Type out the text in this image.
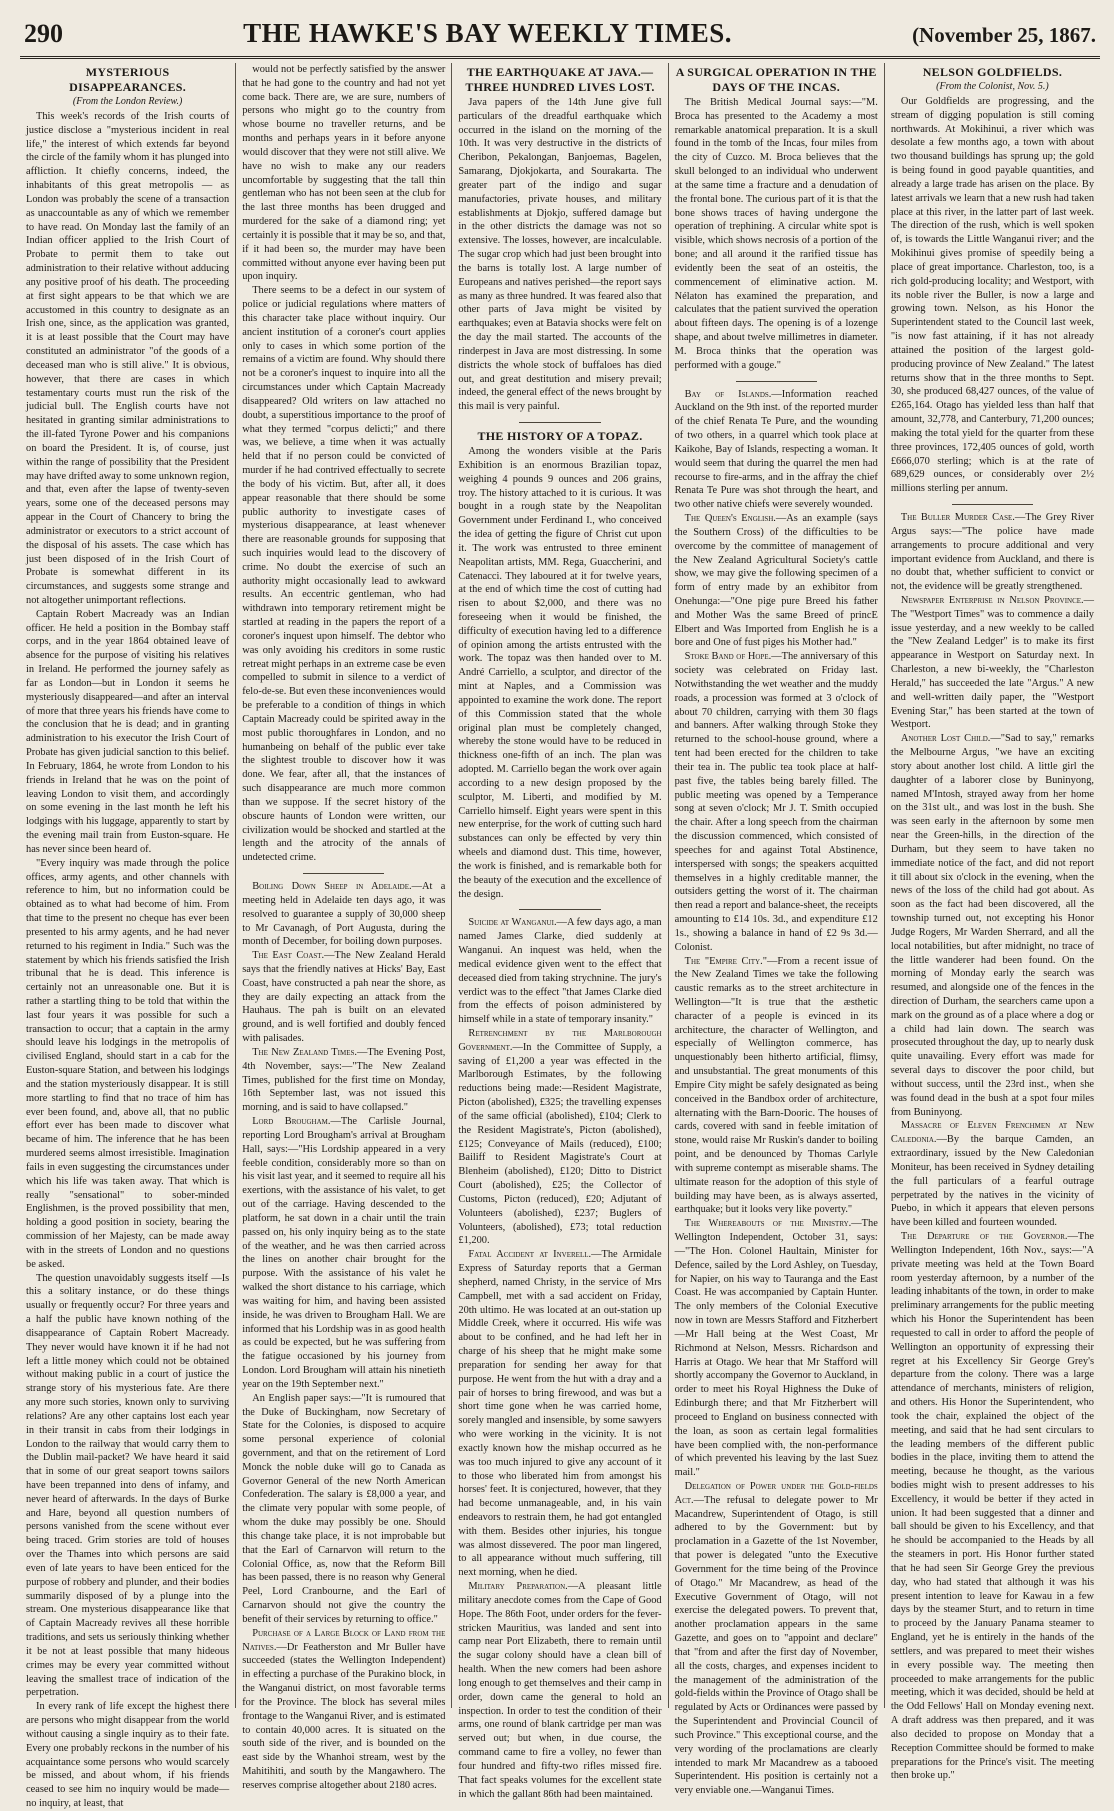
290	THE HAWKE'S BAY WEEKLY TIMES.	(November 25, 1867.
MYSTERIOUS DISAPPEARANCES.
(From the London Review.)

This week's records of the Irish courts of justice disclose a "mysterious incident in real life," the interest of which extends far beyond the circle of the family whom it has plunged into affliction. It chiefly concerns, indeed, the inhabitants of this great metropolis — as London was probably the scene of a transaction as unaccountable as any of which we remember to have read. On Monday last the family of an Indian officer applied to the Irish Court of Probate to permit them to take out administration to their relative without adducing any positive proof of his death. The proceeding at first sight appears to be that which we are accustomed in this country to designate as an Irish one, since, as the application was granted, it is at least possible that the Court may have constituted an administrator "of the goods of a deceased man who is still alive." It is obvious, however, that there are cases in which testamentary courts must run the risk of the judicial bull. The English courts have not hesitated in granting similar administrations to the ill-fated Tyrone Power and his companions on board the President. It is, of course, just within the range of possibility that the President may have drifted away to some unknown region, and that, even after the lapse of twenty-seven years, some one of the deceased persons may appear in the Court of Chancery to bring the administrator or executors to a strict account of the disposal of his assets. The case which has just been disposed of in the Irish Court of Probate is somewhat different in its circumstances, and suggests some strange and not altogether unimportant reflections.

Captain Robert Macready was an Indian officer. He held a position in the Bombay staff corps, and in the year 1864 obtained leave of absence for the purpose of visiting his relatives in Ireland. He performed the journey safely as far as London—but in London it seems he mysteriously disappeared—and after an interval of more that three years his friends have come to the conclusion that he is dead; and in granting administration to his executor the Irish Court of Probate has given judicial sanction to this belief. In February, 1864, he wrote from London to his friends in Ireland that he was on the point of leaving London to visit them, and accordingly on some evening in the last month he left his lodgings with his luggage, apparently to start by the evening mail train from Euston-square. He has never since been heard of.

"Every inquiry was made through the police offices, army agents, and other channels with reference to him, but no information could be obtained as to what had become of him. From that time to the present no cheque has ever been presented to his army agents, and he had never returned to his regiment in India." Such was the statement by which his friends satisfied the Irish tribunal that he is dead. This inference is certainly not an unreasonable one. But it is rather a startling thing to be told that within the last four years it was possible for such a transaction to occur; that a captain in the army should leave his lodgings in the metropolis of civilised England, should start in a cab for the Euston-square Station, and between his lodgings and the station mysteriously disappear. It is still more startling to find that no trace of him has ever been found, and, above all, that no public effort ever has been made to discover what became of him. The inference that he has been murdered seems almost irresistible. Imagination fails in even suggesting the circumstances under which his life was taken away. That which is really "sensational" to sober-minded Englishmen, is the proved possibility that men, holding a good position in society, bearing the commission of her Majesty, can be made away with in the streets of London and no questions be asked.

The question unavoidably suggests itself —Is this a solitary instance, or do these things usually or frequently occur? For three years and a half the public have known nothing of the disappearance of Captain Robert Macready. They never would have known it if he had not left a little money which could not be obtained without making public in a court of justice the strange story of his mysterious fate. Are there any more such stories, known only to surviving relations? Are any other captains lost each year in their transit in cabs from their lodgings in London to the railway that would carry them to the Dublin mail-packet? We have heard it said that in some of our great seaport towns sailors have been trepanned into dens of infamy, and never heard of afterwards. In the days of Burke and Hare, beyond all question numbers of persons vanished from the scene without ever being traced. Grim stories are told of houses over the Thames into which persons are said even of late years to have been enticed for the purpose of robbery and plunder, and their bodies summarily disposed of by a plunge into the stream. One mysterious disappearance like that of Captain Macready revives all these horrible traditions, and sets us seriously thinking whether it be not at least possible that many hideous crimes may be every year committed without leaving the smallest trace of indication of the perpetration.

In every rank of life except the highest there are persons who might disappear from the world without causing a single inquiry as to their fate. Every one probably reckons in the number of his acquaintance some persons who would scarcely be missed, and about whom, if his friends ceased to see him no inquiry would be made—no inquiry, at least, that

would not be perfectly satisfied by the answer that he had gone to the country and had not yet come back. There are, we are sure, numbers of persons who might go to the country from whose bourne no traveller returns, and be months and perhaps years in it before anyone would discover that they were not still alive. We have no wish to make any our readers uncomfortable by suggesting that the tall thin gentleman who has not been seen at the club for the last three months has been drugged and murdered for the sake of a diamond ring; yet certainly it is possible that it may be so, and that, if it had been so, the murder may have been committed without anyone ever having been put upon inquiry.

There seems to be a defect in our system of police or judicial regulations where matters of this character take place without inquiry. Our ancient institution of a coroner's court applies only to cases in which some portion of the remains of a victim are found. Why should there not be a coroner's inquest to inquire into all the circumstances under which Captain Macready disappeared? Old writers on law attached no doubt, a superstitious importance to the proof of what they termed "corpus delicti;" and there was, we believe, a time when it was actually held that if no person could be convicted of murder if he had contrived effectually to secrete the body of his victim. But, after all, it does appear reasonable that there should be some public authority to investigate cases of mysterious disappearance, at least whenever there are reasonable grounds for supposing that such inquiries would lead to the discovery of crime. No doubt the exercise of such an authority might occasionally lead to awkward results. An eccentric gentleman, who had withdrawn into temporary retirement might be startled at reading in the papers the report of a coroner's inquest upon himself. The debtor who was only avoiding his creditors in some rustic retreat might perhaps in an extreme case be even compelled to submit in silence to a verdict of felo-de-se. But even these inconveniences would be preferable to a condition of things in which Captain Macready could be spirited away in the most public thoroughfares in London, and no humanbeing on behalf of the public ever take the slightest trouble to discover how it was done. We fear, after all, that the instances of such disappearance are much more common than we suppose. If the secret history of the obscure haunts of London were written, our civilization would be shocked and startled at the length and the atrocity of the annals of undetected crime.

Boiling Down Sheep in Adelaide.—At a meeting held in Adelaide ten days ago, it was resolved to guarantee a supply of 30,000 sheep to Mr Cavanagh, of Port Augusta, during the month of December, for boiling down purposes.

The East Coast.—The New Zealand Herald says that the friendly natives at Hicks' Bay, East Coast, have constructed a pah near the shore, as they are daily expecting an attack from the Hauhaus. The pah is built on an elevated ground, and is well fortified and doubly fenced with palisades.

The New Zealand Times.—The Evening Post, 4th November, says:—"The New Zealand Times, published for the first time on Monday, 16th September last, was not issued this morning, and is said to have collapsed."

Lord Brougham.—The Carlisle Journal, reporting Lord Brougham's arrival at Brougham Hall, says:—"His Lordship appeared in a very feeble condition, considerably more so than on his visit last year, and it seemed to require all his exertions, with the assistance of his valet, to get out of the carriage. Having descended to the platform, he sat down in a chair until the train passed on, his only inquiry being as to the state of the weather, and he was then carried across the lines on another chair brought for the purpose. With the assistance of his valet he walked the short distance to his carriage, which was waiting for him, and having been assisted inside, he was driven to Brougham Hall. We are informed that his Lordship was in as good health as could be expected, but he was suffering from the fatigue occasioned by his journey from London. Lord Brougham will attain his ninetieth year on the 19th September next."

An English paper says:—"It is rumoured that the Duke of Buckingham, now Secretary of State for the Colonies, is disposed to acquire some personal experience of colonial government, and that on the retirement of Lord Monck the noble duke will go to Canada as Governor General of the new North American Confederation. The salary is £8,000 a year, and the climate very popular with some people, of whom the duke may possibly be one. Should this change take place, it is not improbable but that the Earl of Carnarvon will return to the Colonial Office, as, now that the Reform Bill has been passed, there is no reason why General Peel, Lord Cranbourne, and the Earl of Carnarvon should not give the country the benefit of their services by returning to office."

Purchase of a Large Block of Land from the Natives.—Dr Featherston and Mr Buller have succeeded (states the Wellington Independent) in effecting a purchase of the Purakino block, in the Wanganui district, on most favorable terms for the Province. The block has several miles frontage to the Wanganui River, and is estimated to contain 40,000 acres. It is situated on the south side of the river, and is bounded on the east side by the Whanhoi stream, west by the Mahitihiti, and south by the Mangawhero. The reserves comprise altogether about 2180 acres.

THE EARTHQUAKE AT JAVA.—THREE HUNDRED LIVES LOST.

Java papers of the 14th June give full particulars of the dreadful earthquake which occurred in the island on the morning of the 10th. It was very destructive in the districts of Cheribon, Pekalongan, Banjoemas, Bagelen, Samarang, Djokjokarta, and Sourakarta. The greater part of the indigo and sugar manufactories, private houses, and military establishments at Djokjo, suffered damage but in the other districts the damage was not so extensive. The losses, however, are incalculable. The sugar crop which had just been brought into the barns is totally lost. A large number of Europeans and natives perished—the report says as many as three hundred. It was feared also that other parts of Java might be visited by earthquakes; even at Batavia shocks were felt on the day the mail started. The accounts of the rinderpest in Java are most distressing. In some districts the whole stock of buffaloes has died out, and great destitution and misery prevail; indeed, the general effect of the news brought by this mail is very painful.

THE HISTORY OF A TOPAZ.

Among the wonders visible at the Paris Exhibition is an enormous Brazilian topaz, weighing 4 pounds 9 ounces and 206 grains, troy. The history attached to it is curious. It was bought in a rough state by the Neapolitan Government under Ferdinand I., who conceived the idea of getting the figure of Christ cut upon it. The work was entrusted to three eminent Neapolitan artists, MM. Rega, Guaccherini, and Catenacci. They laboured at it for twelve years, at the end of which time the cost of cutting had risen to about $2,000, and there was no foreseeing when it would be finished, the difficulty of execution having led to a difference of opinion among the artists entrusted with the work. The topaz was then handed over to M. André Carriello, a sculptor, and director of the mint at Naples, and a Commission was appointed to examine the work done. The report of this Commission stated that the whole original plan must be completely changed, whereby the stone would have to be reduced in thickness one-fifth of an inch. The plan was adopted. M. Carriello began the work over again according to a new design proposed by the sculptor, M. Liberti, and modified by M. Carriello himself. Eight years were spent in this new enterprise, for the work of cutting such hard substances can only be effected by very thin wheels and diamond dust. This time, however, the work is finished, and is remarkable both for the beauty of the execution and the excellence of the design.

Suicide at Wanganui.—A few days ago, a man named James Clarke, died suddenly at Wanganui. An inquest was held, when the medical evidence given went to the effect that deceased died from taking strychnine. The jury's verdict was to the effect "that James Clarke died from the effects of poison administered by himself while in a state of temporary insanity."

Retrenchment by the Marlborough Government.—In the Committee of Supply, a saving of £1,200 a year was effected in the Marlborough Estimates, by the following reductions being made:—Resident Magistrate, Picton (abolished), £325; the travelling expenses of the same official (abolished), £104; Clerk to the Resident Magistrate's, Picton (abolished), £125; Conveyance of Mails (reduced), £100; Bailiff to Resident Magistrate's Court at Blenheim (abolished), £120; Ditto to District Court (abolished), £25; the Collector of Customs, Picton (reduced), £20; Adjutant of Volunteers (abolished), £237; Buglers of Volunteers, (abolished), £73; total reduction £1,200.

Fatal Accident at Inverell.—The Armidale Express of Saturday reports that a German shepherd, named Christy, in the service of Mrs Campbell, met with a sad accident on Friday, 20th ultimo. He was located at an out-station up Middle Creek, where it occurred. His wife was about to be confined, and he had left her in charge of his sheep that he might make some preparation for sending her away for that purpose. He went from the hut with a dray and a pair of horses to bring firewood, and was but a short time gone when he was carried home, sorely mangled and insensible, by some sawyers who were working in the vicinity. It is not exactly known how the mishap occurred as he was too much injured to give any account of it to those who liberated him from amongst his horses' feet. It is conjectured, however, that they had become unmanageable, and, in his vain endeavors to restrain them, he had got entangled with them. Besides other injuries, his tongue was almost dissevered. The poor man lingered, to all appearance without much suffering, till next morning, when he died.

Military Preparation.—A pleasant little military anecdote comes from the Cape of Good Hope. The 86th Foot, under orders for the fever-stricken Mauritius, was landed and sent into camp near Port Elizabeth, there to remain until the sugar colony should have a clean bill of health. When the new comers had been ashore long enough to get themselves and their camp in order, down came the general to hold an inspection. In order to test the condition of their arms, one round of blank cartridge per man was served out; but when, in due course, the command came to fire a volley, no fewer than four hundred and fifty-two rifles missed fire. That fact speaks volumes for the excellent state in which the gallant 86th had been maintained.

A SURGICAL OPERATION IN THE DAYS OF THE INCAS.

The British Medical Journal says:—"M. Broca has presented to the Academy a most remarkable anatomical preparation. It is a skull found in the tomb of the Incas, four miles from the city of Cuzco. M. Broca believes that the skull belonged to an individual who underwent at the same time a fracture and a denudation of the frontal bone. The curious part of it is that the bone shows traces of having undergone the operation of trephining. A circular white spot is visible, which shows necrosis of a portion of the bone; and all around it the rarified tissue has evidently been the seat of an osteitis, the commencement of eliminative action. M. Nélaton has examined the preparation, and calculates that the patient survived the operation about fifteen days. The opening is of a lozenge shape, and about twelve millimetres in diameter. M. Broca thinks that the operation was performed with a gouge."

Bay of Islands.—Information reached Auckland on the 9th inst. of the reported murder of the chief Renata Te Pure, and the wounding of two others, in a quarrel which took place at Kaikohe, Bay of Islands, respecting a woman. It would seem that during the quarrel the men had recourse to fire-arms, and in the affray the chief Renata Te Pure was shot through the heart, and two other native chiefs were severely wounded.

The Queen's English.—As an example (says the Southern Cross) of the difficulties to be overcome by the committee of management of the New Zealand Agricultural Society's cattle show, we may give the following specimen of a form of entry made by an exhibitor from Onehunga:—"One pige pure Breed his father and Mother Was the same Breed of princE Elbert and Was Imported from English he is a bore and One of fust piges his Mother had."

Stoke Band of Hope.—The anniversary of this society was celebrated on Friday last. Notwithstanding the wet weather and the muddy roads, a procession was formed at 3 o'clock of about 70 children, carrying with them 30 flags and banners. After walking through Stoke they returned to the school-house ground, where a tent had been erected for the children to take their tea in. The public tea took place at half-past five, the tables being barely filled. The public meeting was opened by a Temperance song at seven o'clock; Mr J. T. Smith occupied the chair. After a long speech from the chairman the discussion commenced, which consisted of speeches for and against Total Abstinence, interspersed with songs; the speakers acquitted themselves in a highly creditable manner, the outsiders getting the worst of it. The chairman then read a report and balance-sheet, the receipts amounting to £14 10s. 3d., and expenditure £12 1s., showing a balance in hand of £2 9s 3d.—Colonist.

The "Empire City."—From a recent issue of the New Zealand Times we take the following caustic remarks as to the street architecture in Wellington—"It is true that the æsthetic character of a people is evinced in its architecture, the character of Wellington, and especially of Wellington commerce, has unquestionably been hitherto artificial, flimsy, and unsubstantial. The great monuments of this Empire City might be safely designated as being conceived in the Bandbox order of architecture, alternating with the Barn-Dooric. The houses of cards, covered with sand in feeble imitation of stone, would raise Mr Ruskin's dander to boiling point, and be denounced by Thomas Carlyle with supreme contempt as miserable shams. The ultimate reason for the adoption of this style of building may have been, as is always asserted, earthquake; but it looks very like poverty."

The Whereabouts of the Ministry.—The Wellington Independent, October 31, says:—"The Hon. Colonel Haultain, Minister for Defence, sailed by the Lord Ashley, on Tuesday, for Napier, on his way to Tauranga and the East Coast. He was accompanied by Captain Hunter. The only members of the Colonial Executive now in town are Messrs Stafford and Fitzherbert—Mr Hall being at the West Coast, Mr Richmond at Nelson, Messrs. Richardson and Harris at Otago. We hear that Mr Stafford will shortly accompany the Governor to Auckland, in order to meet his Royal Highness the Duke of Edinburgh there; and that Mr Fitzherbert will proceed to England on business connected with the loan, as soon as certain legal formalities have been complied with, the non-performance of which prevented his leaving by the last Suez mail."

Delegation of Power under the Gold-fields Act.—The refusal to delegate power to Mr Macandrew, Superintendent of Otago, is still adhered to by the Government: but by proclamation in a Gazette of the 1st November, that power is delegated "unto the Executive Government for the time being of the Province of Otago." Mr Macandrew, as head of the Executive Government of Otago, will not exercise the delegated powers. To prevent that, another proclamation appears in the same Gazette, and goes on to "appoint and declare" that "from and after the first day of November, all the costs, charges, and expenses incident to the management of the administration of the gold-fields within the Province of Otago shall be regulated by Acts or Ordinances were passed by the Superintendent and Provincial Council of such Province." This exceptional course, and the very wording of the proclamations are clearly intended to mark Mr Macandrew as a tabooed Superintendent. His position is certainly not a very enviable one.—Wanganui Times.

NELSON GOLDFIELDS.
(From the Colonist, Nov. 5.)

Our Goldfields are progressing, and the stream of digging population is still coming northwards. At Mokihinui, a river which was desolate a few months ago, a town with about two thousand buildings has sprung up; the gold is being found in good payable quantities, and already a large trade has arisen on the place. By latest arrivals we learn that a new rush had taken place at this river, in the latter part of last week. The direction of the rush, which is well spoken of, is towards the Little Wanganui river; and the Mokihinui gives promise of speedily being a place of great importance. Charleston, too, is a rich gold-producing locality; and Westport, with its noble river the Buller, is now a large and growing town. Nelson, as his Honor the Superintendent stated to the Council last week, "is now fast attaining, if it has not already attained the position of the largest gold-producing province of New Zealand." The latest returns show that in the three months to Sept. 30, she produced 68,427 ounces, of the value of £265,164. Otago has yielded less than half that amount, 32,778, and Canterbury, 71,200 ounces; making the total yield for the quarter from these three provinces, 172,405 ounces of gold, worth £666,070 sterling; which is at the rate of 689,629 ounces, or considerably over 2½ millions sterling per annum.

The Buller Murder Case.—The Grey River Argus says:—"The police have made arrangements to procure additional and very important evidence from Auckland, and there is no doubt that, whether sufficient to convict or not, the evidence will be greatly strengthened.

Newspaper Enterprise in Nelson Province.—The "Westport Times" was to commence a daily issue yesterday, and a new weekly to be called the "New Zealand Ledger" is to make its first appearance in Westport on Saturday next. In Charleston, a new bi-weekly, the "Charleston Herald," has succeeded the late "Argus." A new and well-written daily paper, the "Westport Evening Star," has been started at the town of Westport.

Another Lost Child.—"Sad to say," remarks the Melbourne Argus, "we have an exciting story about another lost child. A little girl the daughter of a laborer close by Buninyong, named M'Intosh, strayed away from her home on the 31st ult., and was lost in the bush. She was seen early in the afternoon by some men near the Green-hills, in the direction of the Durham, but they seem to have taken no immediate notice of the fact, and did not report it till about six o'clock in the evening, when the news of the loss of the child had got about. As soon as the fact had been discovered, all the township turned out, not excepting his Honor Judge Rogers, Mr Warden Sherrard, and all the local notabilities, but after midnight, no trace of the little wanderer had been found. On the morning of Monday early the search was resumed, and alongside one of the fences in the direction of Durham, the searchers came upon a mark on the ground as of a place where a dog or a child had lain down. The search was prosecuted throughout the day, up to nearly dusk quite unavailing. Every effort was made for several days to discover the poor child, but without success, until the 23rd inst., when she was found dead in the bush at a spot four miles from Buninyong.

Massacre of Eleven Frenchmen at New Caledonia.—By the barque Camden, an extraordinary, issued by the New Caledonian Moniteur, has been received in Sydney detailing the full particulars of a fearful outrage perpetrated by the natives in the vicinity of Puebo, in which it appears that eleven persons have been killed and fourteen wounded.

The Departure of the Governor.—The Wellington Independent, 16th Nov., says:—"A private meeting was held at the Town Board room yesterday afternoon, by a number of the leading inhabitants of the town, in order to make preliminary arrangements for the public meeting which his Honor the Superintendent has been requested to call in order to afford the people of Wellington an opportunity of expressing their regret at his Excellency Sir George Grey's departure from the colony. There was a large attendance of merchants, ministers of religion, and others. His Honor the Superintendent, who took the chair, explained the object of the meeting, and said that he had sent circulars to the leading members of the different public bodies in the place, inviting them to attend the meeting, because he thought, as the various bodies might wish to present addresses to his Excellency, it would be better if they acted in union. It had been suggested that a dinner and ball should be given to his Excellency, and that he should be accompanied to the Heads by all the steamers in port. His Honor further stated that he had seen Sir George Grey the previous day, who had stated that although it was his present intention to leave for Kawau in a few days by the steamer Sturt, and to return in time to proceed by the January Panama steamer to England, yet he is entirely in the hands of the settlers, and was prepared to meet their wishes in every possible way. The meeting then proceeded to make arrangements for the public meeting, which it was decided, should be held at the Odd Fellows' Hall on Monday evening next. A draft address was then prepared, and it was also decided to propose on Monday that a Reception Committee should be formed to make preparations for the Prince's visit. The meeting then broke up."
